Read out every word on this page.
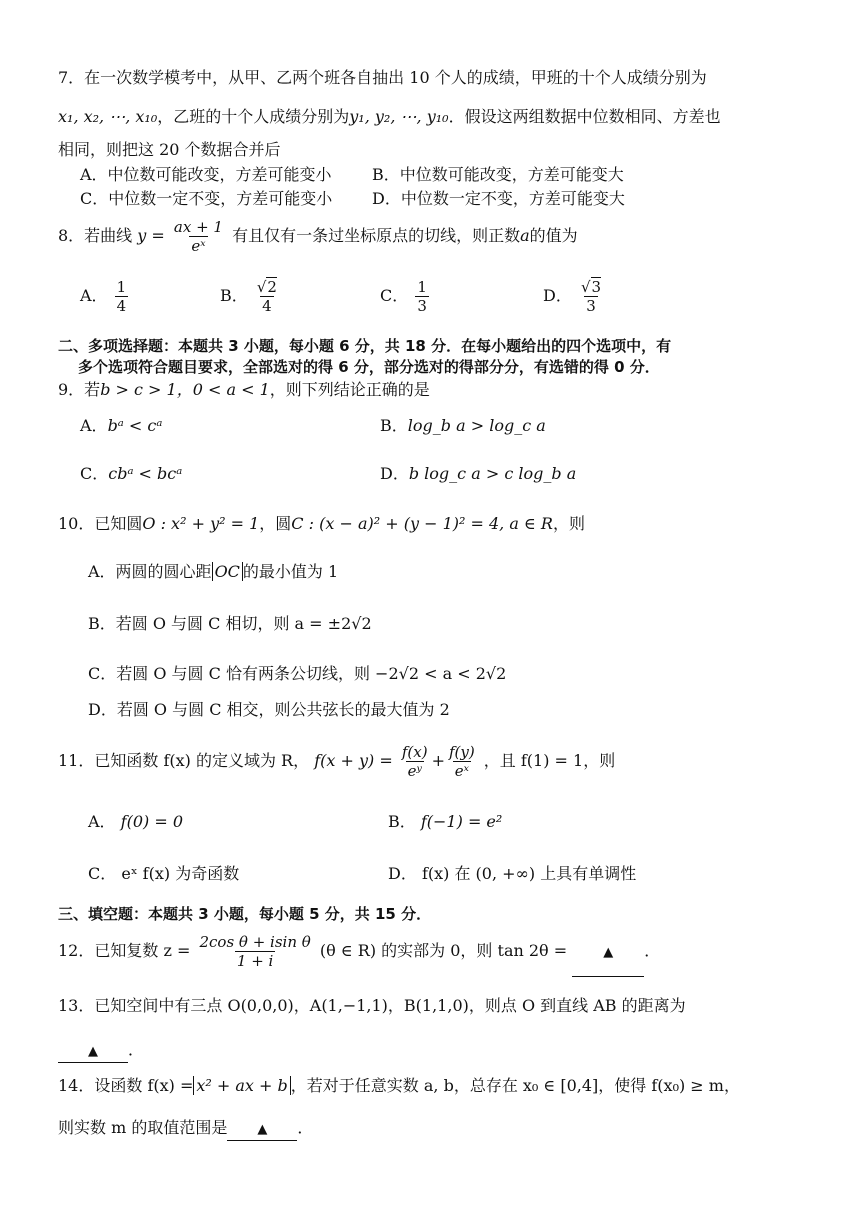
7．在一次数学模考中，从甲、乙两个班各自抽出 10 个人的成绩，甲班的十个人成绩分别为
x₁, x₂, ⋯, x₁₀，乙班的十个人成绩分别为y₁, y₂, ⋯, y₁₀．假设这两组数据中位数相同、方差也
相同，则把这 20 个数据合并后
A．中位数可能改变，方差可能变小	B．中位数可能改变，方差可能变大
C．中位数一定不变，方差可能变小 D．中位数一定不变，方差可能变大
8．若曲线 $y = \frac{ax + 1}{\text{eˣ}}$ 有且仅有一条过坐标原点的切线，则正数a的值为
A． $\frac{1}{4}$	B． $\frac{√2}{4}$	C． $\frac{1}{3}$	D． $\frac{√3}{3}$
二、多项选择题：本题共 3 小题，每小题 6 分，共 18 分．在每小题给出的四个选项中，有
多个选项符合题目要求，全部选对的得 6 分，部分选对的得部分分，有选错的得 0 分．
9．若b > c > 1，0 < a < 1，则下列结论正确的是
A．bᵃ < cᵃ	B．log_b a > log_c a
C．cbᵃ < bcᵃ	D．b log_c a > c log_b a
10．已知圆O : x² + y² = 1，圆C : (x − a)² + (y − 1)² = 4, a ∈ R，则
A．两圆的圆心距 OC 的最小值为 1
B．若圆 O 与圆 C 相切，则 a = ±2√2
C．若圆 O 与圆 C 恰有两条公切线，则 −2√2 < a < 2√2
D．若圆 O 与圆 C 相交，则公共弦长的最大值为 2
11．已知函数 f(x) 的定义域为 R， $f(x + y) = \frac{f(x)}{\text{eʸ}} + \frac{f(y)}{\text{eˣ}}$ ，且 f(1) = 1，则
A． f(0) = 0	B． f(−1) = e²
C． eˣ f(x) 为奇函数	D． f(x) 在 (0, +∞) 上具有单调性
三、填空题：本题共 3 小题，每小题 5 分，共 15 分．
12．已知复数 $z = \frac{\text{2cos θ + isin θ}}{1 + i} (\theta$ ∈ R) 的实部为 0，则 tan 2θ =	▲ ．
13．已知空间中有三点 O(0,0,0)，A(1,−1,1)，B(1,1,0)，则点 O 到直线 AB 的距离为
▲ ．
14．设函数 f(x) = x² + ax + b ，若对于任意实数 a, b，总存在 x₀ ∈ [0,4]，使得 f(x₀) ≥ m，
则实数 m 的取值范围是 ▲ ．
